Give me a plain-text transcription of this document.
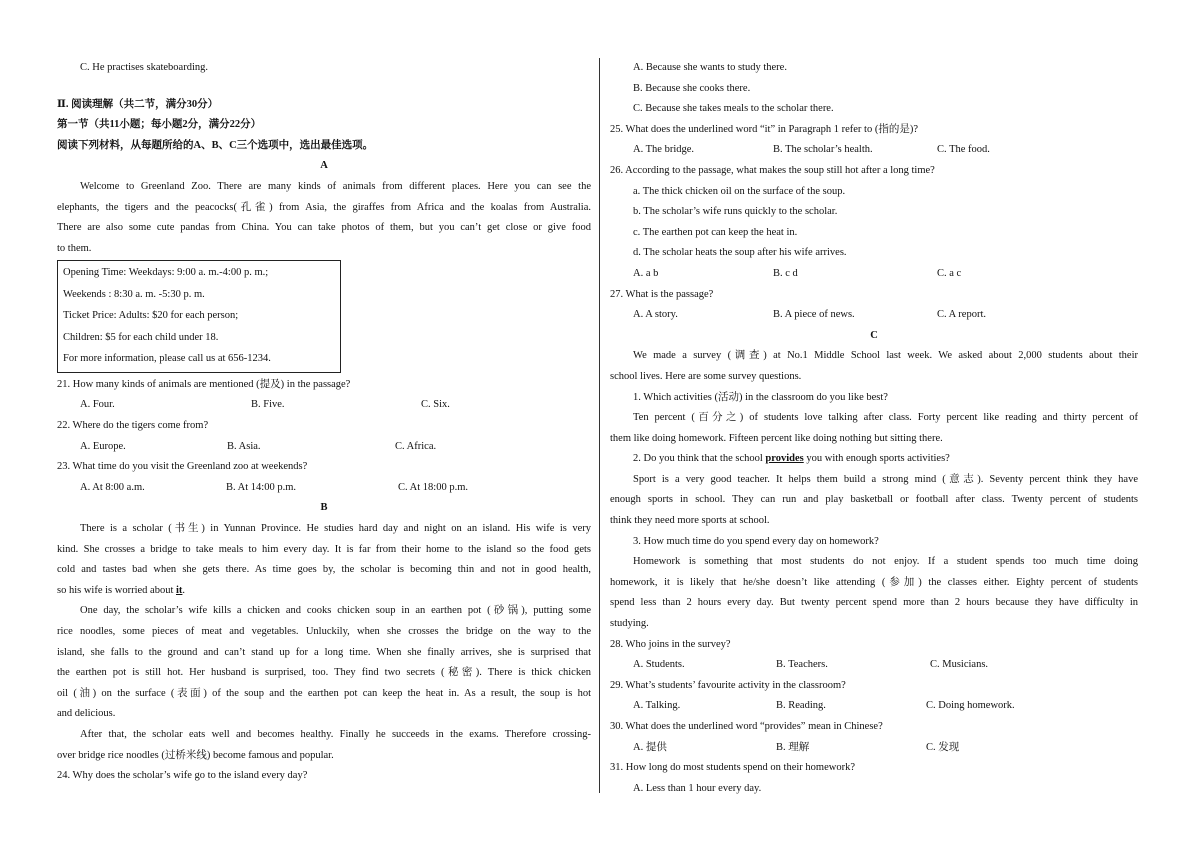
C. He practises skateboarding.
Ⅱ. 阅读理解（共二节，满分30分）
第一节（共11小题；每小题2分，满分22分）
阅读下列材料，从每题所给的A、B、C三个选项中，选出最佳选项。
A
Welcome to Greenland Zoo. There are many kinds of animals from different places. Here you can see the
elephants, the tigers and the peacocks(孔雀) from Asia, the giraffes from Africa and the koalas from Australia.
There are also some cute pandas from China. You can take photos of them, but you can’t get close or give food
to them.
Opening Time: Weekdays: 9:00 a. m.-4:00 p. m.;
Weekends : 8:30 a. m. -5:30 p. m.
Ticket Price: Adults: $20 for each person;
Children: $5 for each child under 18.
For more information, please call us at 656-1234.
21. How many kinds of animals are mentioned (提及) in the passage?
A. Four.	B. Five.	C. Six.
22. Where do the tigers come from?
A. Europe.	B. Asia.	C. Africa.
23. What time do you visit the Greenland zoo at weekends?
A. At 8:00 a.m.	B. At 14:00 p.m.	C. At 18:00 p.m.
B
There is a scholar (书生) in Yunnan Province. He studies hard day and night on an island. His wife is very
kind. She crosses a bridge to take meals to him every day. It is far from their home to the island so the food gets
cold and tastes bad when she gets there. As time goes by, the scholar is becoming thin and not in good health,
so his wife is worried about it.
One day, the scholar’s wife kills a chicken and cooks chicken soup in an earthen pot (砂锅), putting some
rice noodles, some pieces of meat and vegetables. Unluckily, when she crosses the bridge on the way to the
island, she falls to the ground and can’t stand up for a long time. When she finally arrives, she is surprised that
the earthen pot is still hot. Her husband is surprised, too. They find two secrets (秘密). There is thick chicken
oil (油) on the surface (表面) of the soup and the earthen pot can keep the heat in. As a result, the soup is hot
and delicious.
After that, the scholar eats well and becomes healthy. Finally he succeeds in the exams. Therefore crossing-
over bridge rice noodles (过桥米线) become famous and popular.
24. Why does the scholar’s wife go to the island every day?
A. Because she wants to study there.
B. Because she cooks there.
C. Because she takes meals to the scholar there.
25. What does the underlined word “it” in Paragraph 1 refer to (指的是)?
A. The bridge.	B. The scholar’s health.	C. The food.
26. According to the passage, what makes the soup still hot after a long time?
a. The thick chicken oil on the surface of the soup.
b. The scholar’s wife runs quickly to the scholar.
c. The earthen pot can keep the heat in.
d. The scholar heats the soup after his wife arrives.
A. a b	B. c d	C. a c
27. What is the passage?
A. A story.	B. A piece of news.	C. A report.
C
We made a survey (调查) at No.1 Middle School last week. We asked about 2,000 students about their
school lives. Here are some survey questions.
1. Which activities (活动) in the classroom do you like best?
Ten percent (百分之) of students love talking after class. Forty percent like reading and thirty percent of
them like doing homework. Fifteen percent like doing nothing but sitting there.
2. Do you think that the school provides you with enough sports activities?
Sport is a very good teacher. It helps them build a strong mind (意志). Seventy percent think they have
enough sports in school. They can run and play basketball or football after class. Twenty percent of students
think they need more sports at school.
3. How much time do you spend every day on homework?
Homework is something that most students do not enjoy. If a student spends too much time doing
homework, it is likely that he/she doesn’t like attending (参加) the classes either. Eighty percent of students
spend less than 2 hours every day. But twenty percent spend more than 2 hours because they have difficulty in
studying.
28. Who joins in the survey?
A. Students.	B. Teachers.	C. Musicians.
29. What’s students’ favourite activity in the classroom?
A. Talking.	B. Reading.	C. Doing homework.
30. What does the underlined word “provides” mean in Chinese?
A. 提供	B. 理解	C. 发现
31. How long do most students spend on their homework?
A. Less than 1 hour every day.
